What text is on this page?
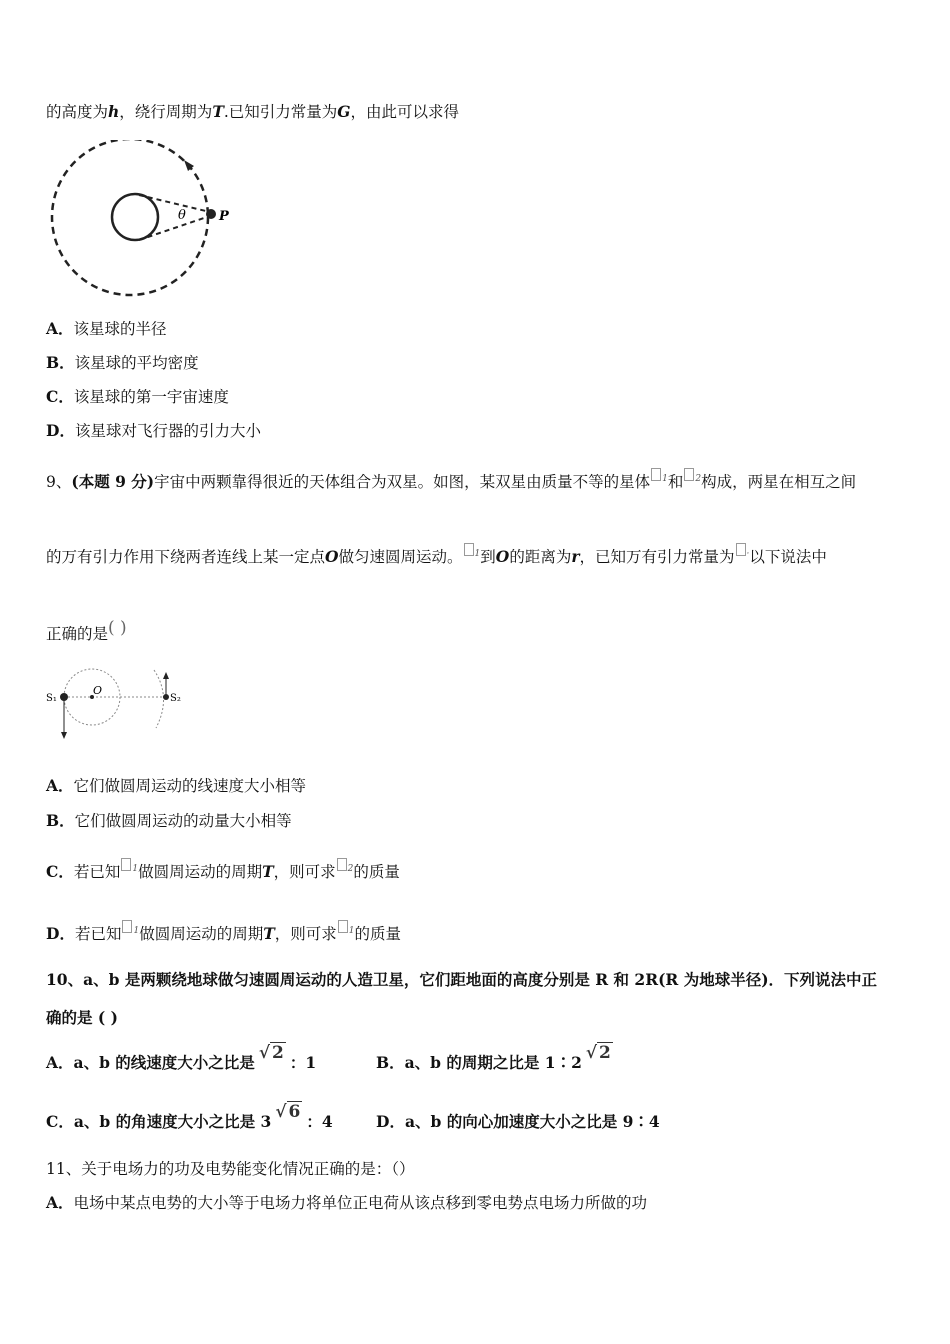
的高度为h，绕行周期为T.已知引力常量为G，由此可以求得
θ	P
A．该星球的半径
B．该星球的平均密度
C．该星球的第一宇宙速度
D．该星球对飞行器的引力大小
9、(本题 9 分)宇宙中两颗靠得很近的天体组合为双星。如图，某双星由质量不等的星体 $^1$和 $^2$构成，两星在相互之间
的万有引力作用下绕两者连线上某一定点O做匀速圆周运动。 $^1$到O的距离为r，已知万有引力常量为 ·以下说法中
正确的是( )
S₁
O
S₂
A．它们做圆周运动的线速度大小相等
B．它们做圆周运动的动量大小相等
C．若已知 $^1$做圆周运动的周期T，则可求 $^2$的质量
D．若已知 $^1$做圆周运动的周期T，则可求 $^1$的质量
10、a、b 是两颗绕地球做匀速圆周运动的人造卫星，它们距地面的高度分别是 R 和 2R(R 为地球半径)．下列说法中正
确的是 ( )
A．a、b 的线速度大小之比是 √ 2 ：1	B．a、b 的周期之比是 1∶2 √ 2
C．a、b 的角速度大小之比是 3 √ 6 ：4	D．a、b 的向心加速度大小之比是 9∶4
11、关于电场力的功及电势能变化情况正确的是：（）
A．电场中某点电势的大小等于电场力将单位正电荷从该点移到零电势点电场力所做的功
